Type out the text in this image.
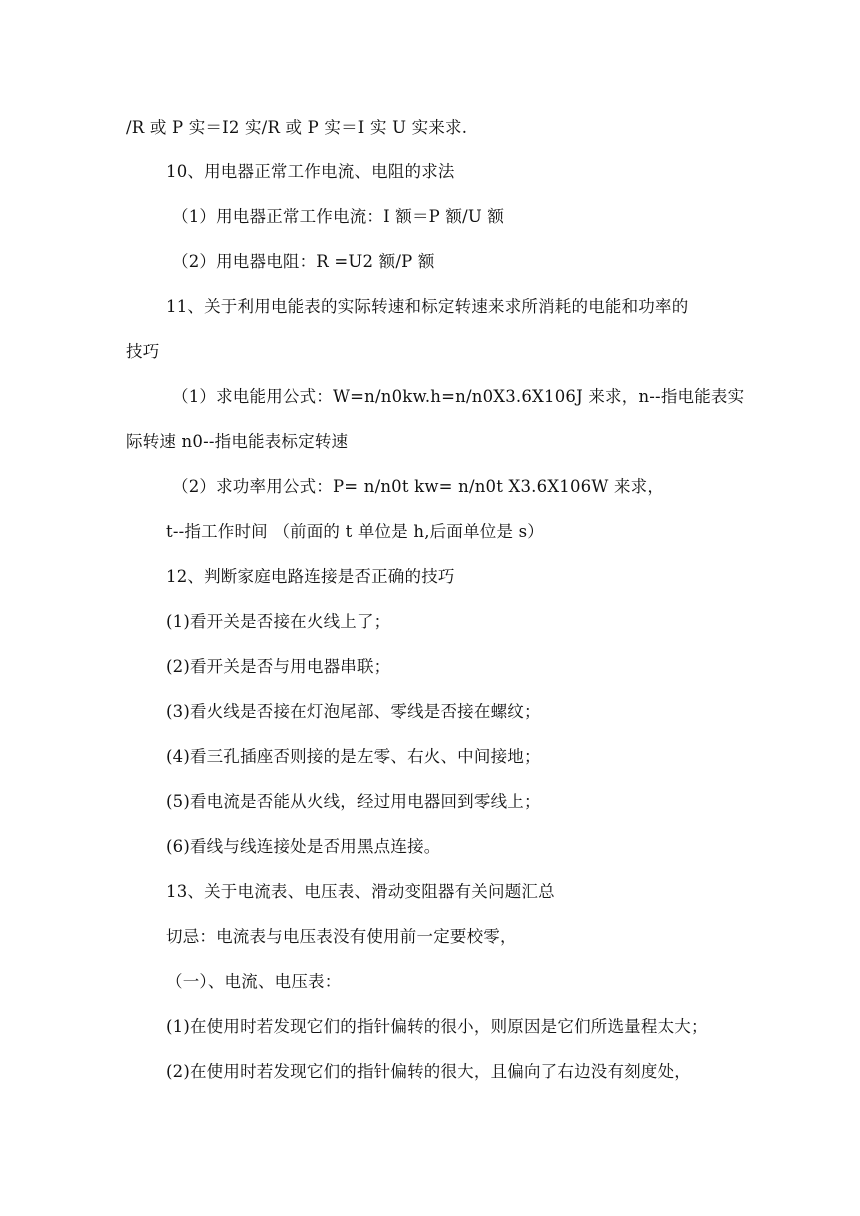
/R 或 P 实＝I2 实/R 或 P 实＝I 实 U 实来求.
10、用电器正常工作电流、电阻的求法
（1）用电器正常工作电流：I 额＝P 额/U 额
（2）用电器电阻：R =U2 额/P 额
11、关于利用电能表的实际转速和标定转速来求所消耗的电能和功率的
技巧
（1）求电能用公式：W=n/n0kw.h=n/n0X3.6X106J 来求，n--指电能表实
际转速 n0--指电能表标定转速
（2）求功率用公式：P= n/n0t kw= n/n0t X3.6X106W 来求，
t--指工作时间 （前面的 t 单位是 h,后面单位是 s）
12、判断家庭电路连接是否正确的技巧
(1)看开关是否接在火线上了；
(2)看开关是否与用电器串联；
(3)看火线是否接在灯泡尾部、零线是否接在螺纹；
(4)看三孔插座否则接的是左零、右火、中间接地；
(5)看电流是否能从火线，经过用电器回到零线上；
(6)看线与线连接处是否用黑点连接。
13、关于电流表、电压表、滑动变阻器有关问题汇总
切忌：电流表与电压表没有使用前一定要校零，
（一）、电流、电压表：
(1)在使用时若发现它们的指针偏转的很小，则原因是它们所选量程太大；
(2)在使用时若发现它们的指针偏转的很大，且偏向了右边没有刻度处，
